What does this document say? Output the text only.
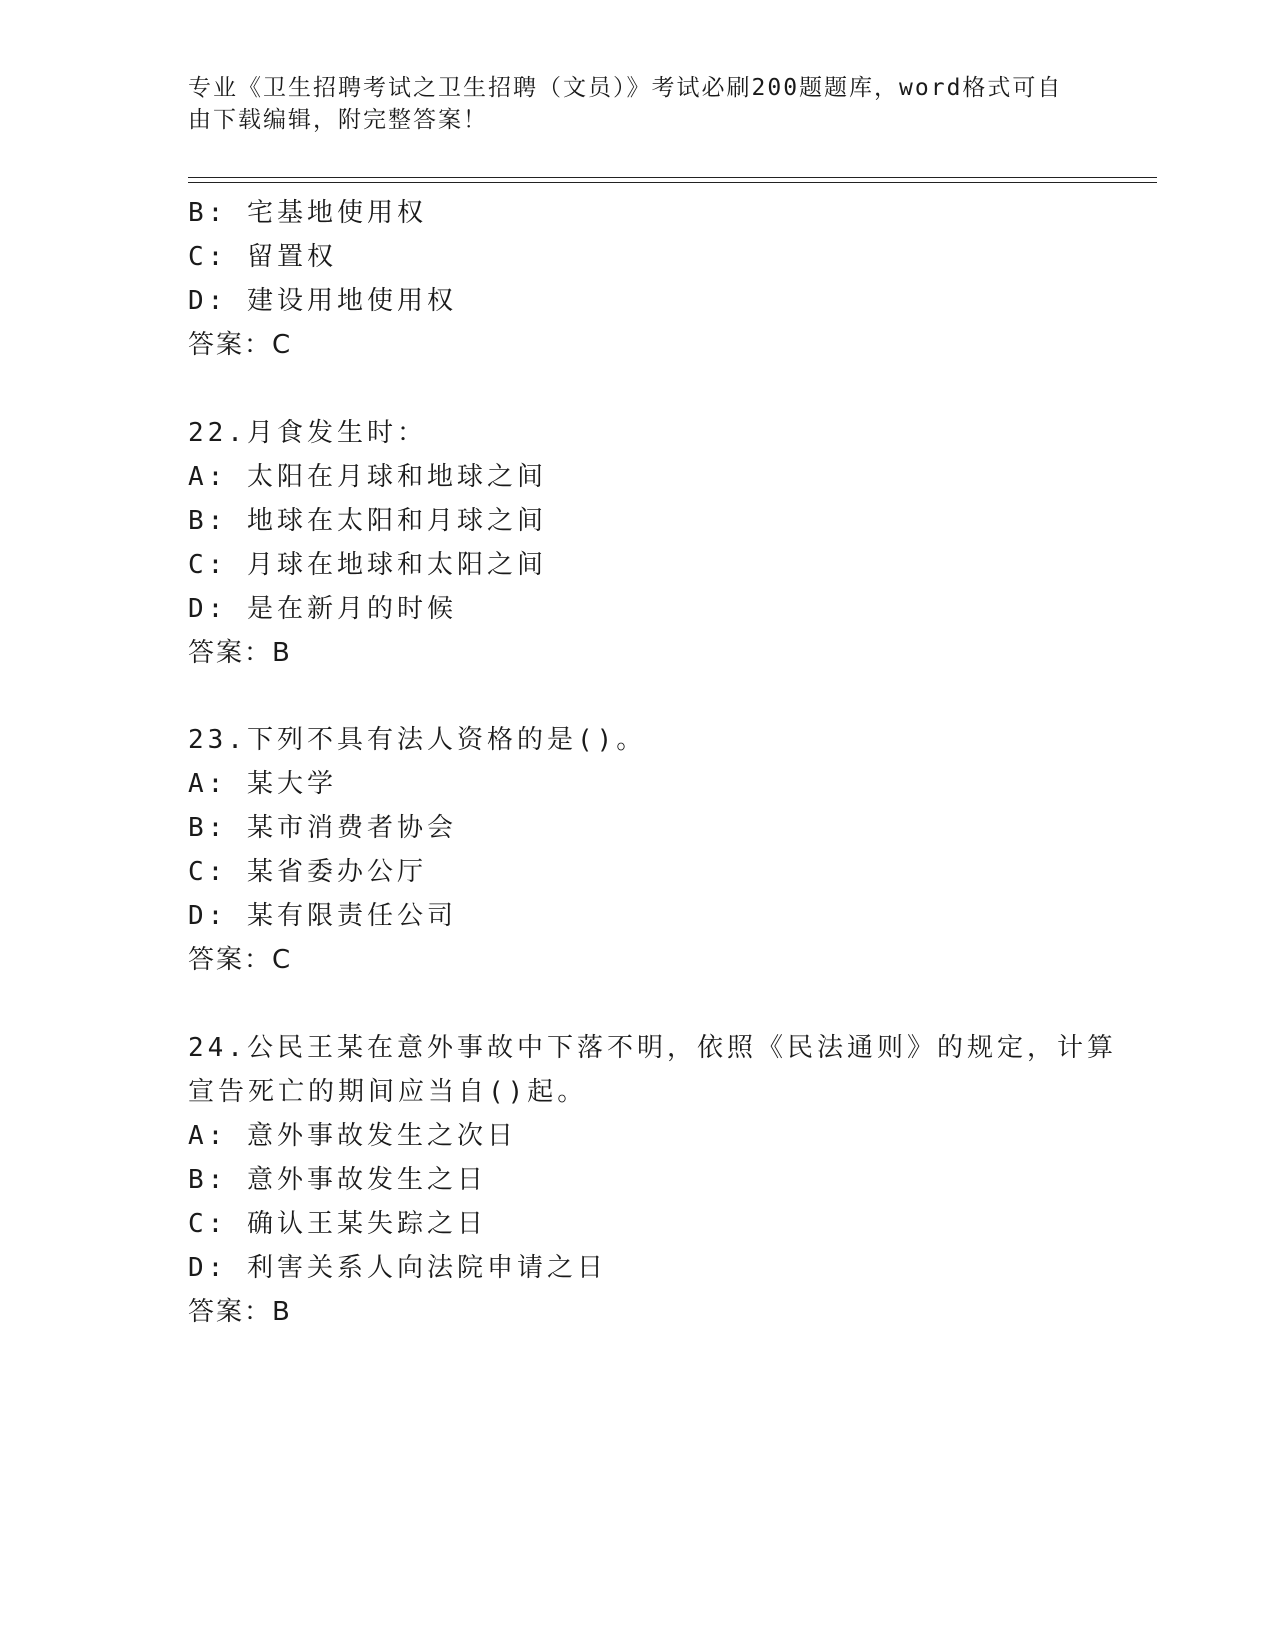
专业《卫生招聘考试之卫生招聘（文员）》考试必刷200题题库，word格式可自
由下载编辑，附完整答案！
B: 宅基地使用权
C: 留置权
D: 建设用地使用权
答案：C
22.月食发生时：
A: 太阳在月球和地球之间
B: 地球在太阳和月球之间
C: 月球在地球和太阳之间
D: 是在新月的时候
答案：B
23.下列不具有法人资格的是()。
A: 某大学
B: 某市消费者协会
C: 某省委办公厅
D: 某有限责任公司
答案：C
24.公民王某在意外事故中下落不明，依照《民法通则》的规定，计算
宣告死亡的期间应当自()起。
A: 意外事故发生之次日
B: 意外事故发生之日
C: 确认王某失踪之日
D: 利害关系人向法院申请之日
答案：B
